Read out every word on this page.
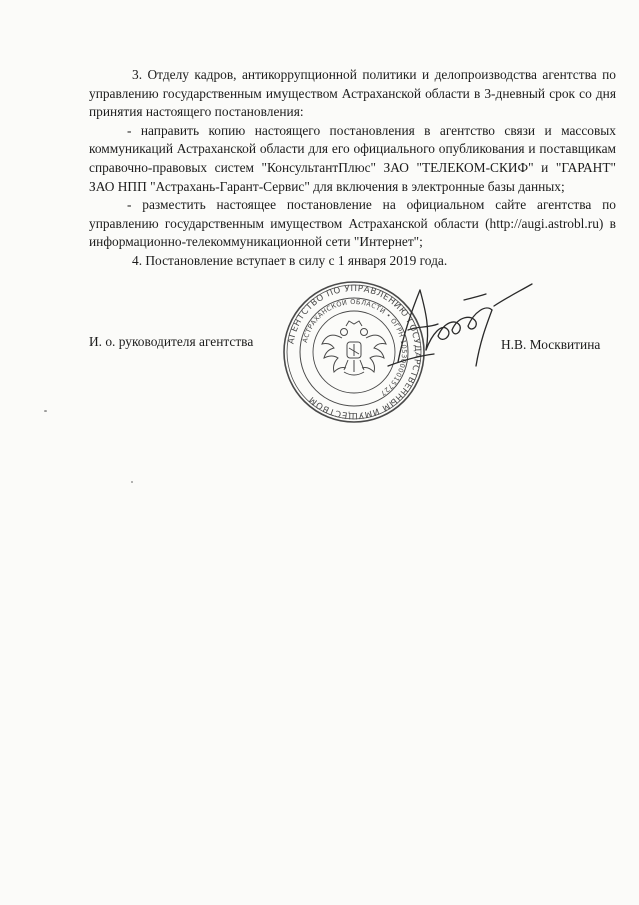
3. Отделу кадров, антикоррупционной политики и делопроизводства агентства по управлению государственным имуществом Астраханской области в 3-дневный срок со дня принятия настоящего постановления:

- направить копию настоящего постановления в агентство связи и массовых коммуникаций Астраханской области для его официального опубликования и поставщикам справочно-правовых систем "КонсультантПлюс" ЗАО "ТЕЛЕКОМ-СКИФ" и "ГАРАНТ" ЗАО НПП "Астрахань-Гарант-Сервис" для включения в электронные базы данных;

- разместить настоящее постановление на официальном сайте агентства по управлению государственным имуществом Астраханской области (http://augi.astrobl.ru) в информационно-телекоммуникационной сети "Интернет";

4. Постановление вступает в силу с 1 января 2019 года.

АГЕНТСТВО ПО УПРАВЛЕНИЮ ГОСУДАРСТВЕННЫМ ИМУЩЕСТВОМ
АСТРАХАНСКОЙ ОБЛАСТИ • ОГРН 1053000015727
И. о. руководителя агентства	Н.В. Москвитина
